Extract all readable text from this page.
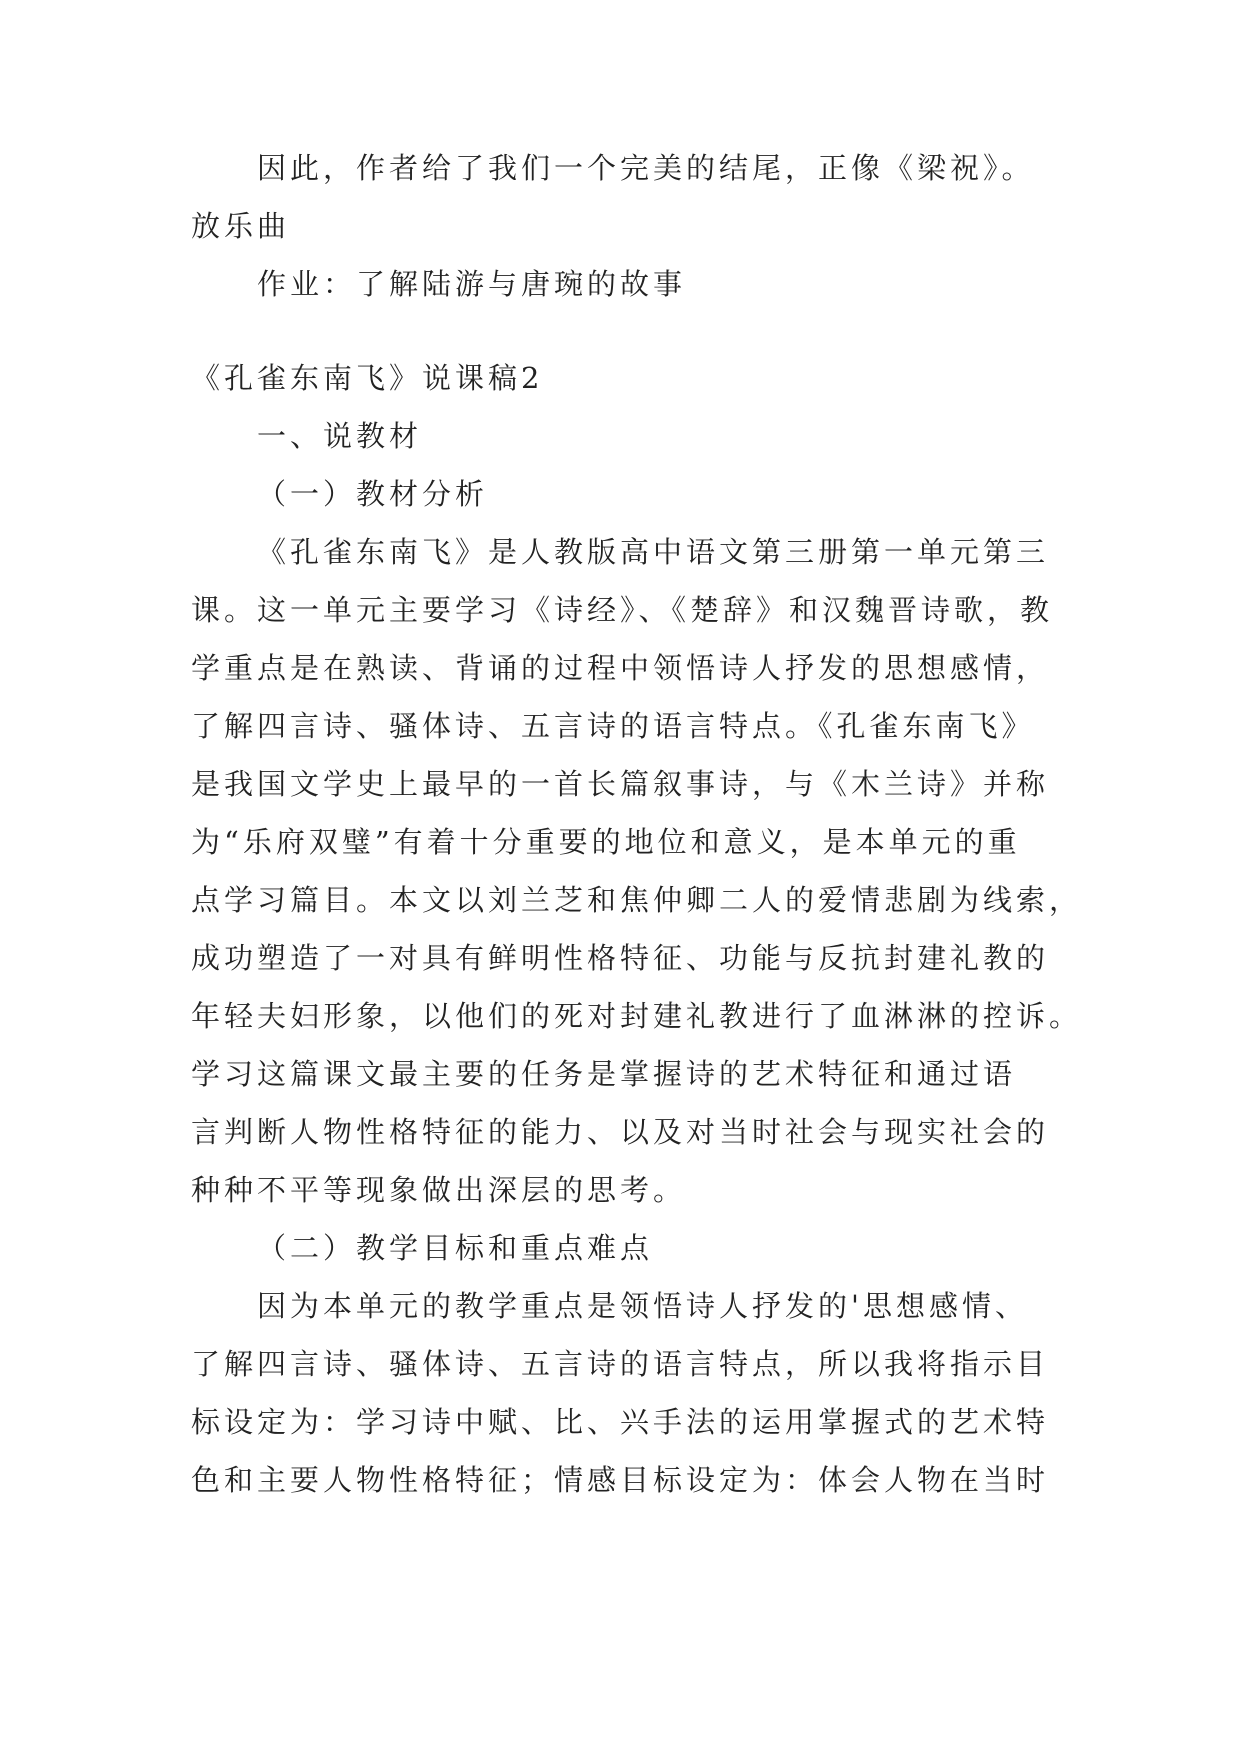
因此，作者给了我们一个完美的结尾，正像《梁祝》。
放乐曲
作业：了解陆游与唐琬的故事
《孔雀东南飞》说课稿2
一、说教材
（一）教材分析
《孔雀东南飞》是人教版高中语文第三册第一单元第三
课。这一单元主要学习《诗经》、《楚辞》和汉魏晋诗歌，教
学重点是在熟读、背诵的过程中领悟诗人抒发的思想感情，
了解四言诗、骚体诗、五言诗的语言特点。《孔雀东南飞》
是我国文学史上最早的一首长篇叙事诗，与《木兰诗》并称
为“乐府双璧”有着十分重要的地位和意义，是本单元的重
点学习篇目。本文以刘兰芝和焦仲卿二人的爱情悲剧为线索，
成功塑造了一对具有鲜明性格特征、功能与反抗封建礼教的
年轻夫妇形象，以他们的死对封建礼教进行了血淋淋的控诉。
学习这篇课文最主要的任务是掌握诗的艺术特征和通过语
言判断人物性格特征的能力、以及对当时社会与现实社会的
种种不平等现象做出深层的思考。
（二）教学目标和重点难点
因为本单元的教学重点是领悟诗人抒发的'思想感情、
了解四言诗、骚体诗、五言诗的语言特点，所以我将指示目
标设定为：学习诗中赋、比、兴手法的运用掌握式的艺术特
色和主要人物性格特征；情感目标设定为：体会人物在当时
